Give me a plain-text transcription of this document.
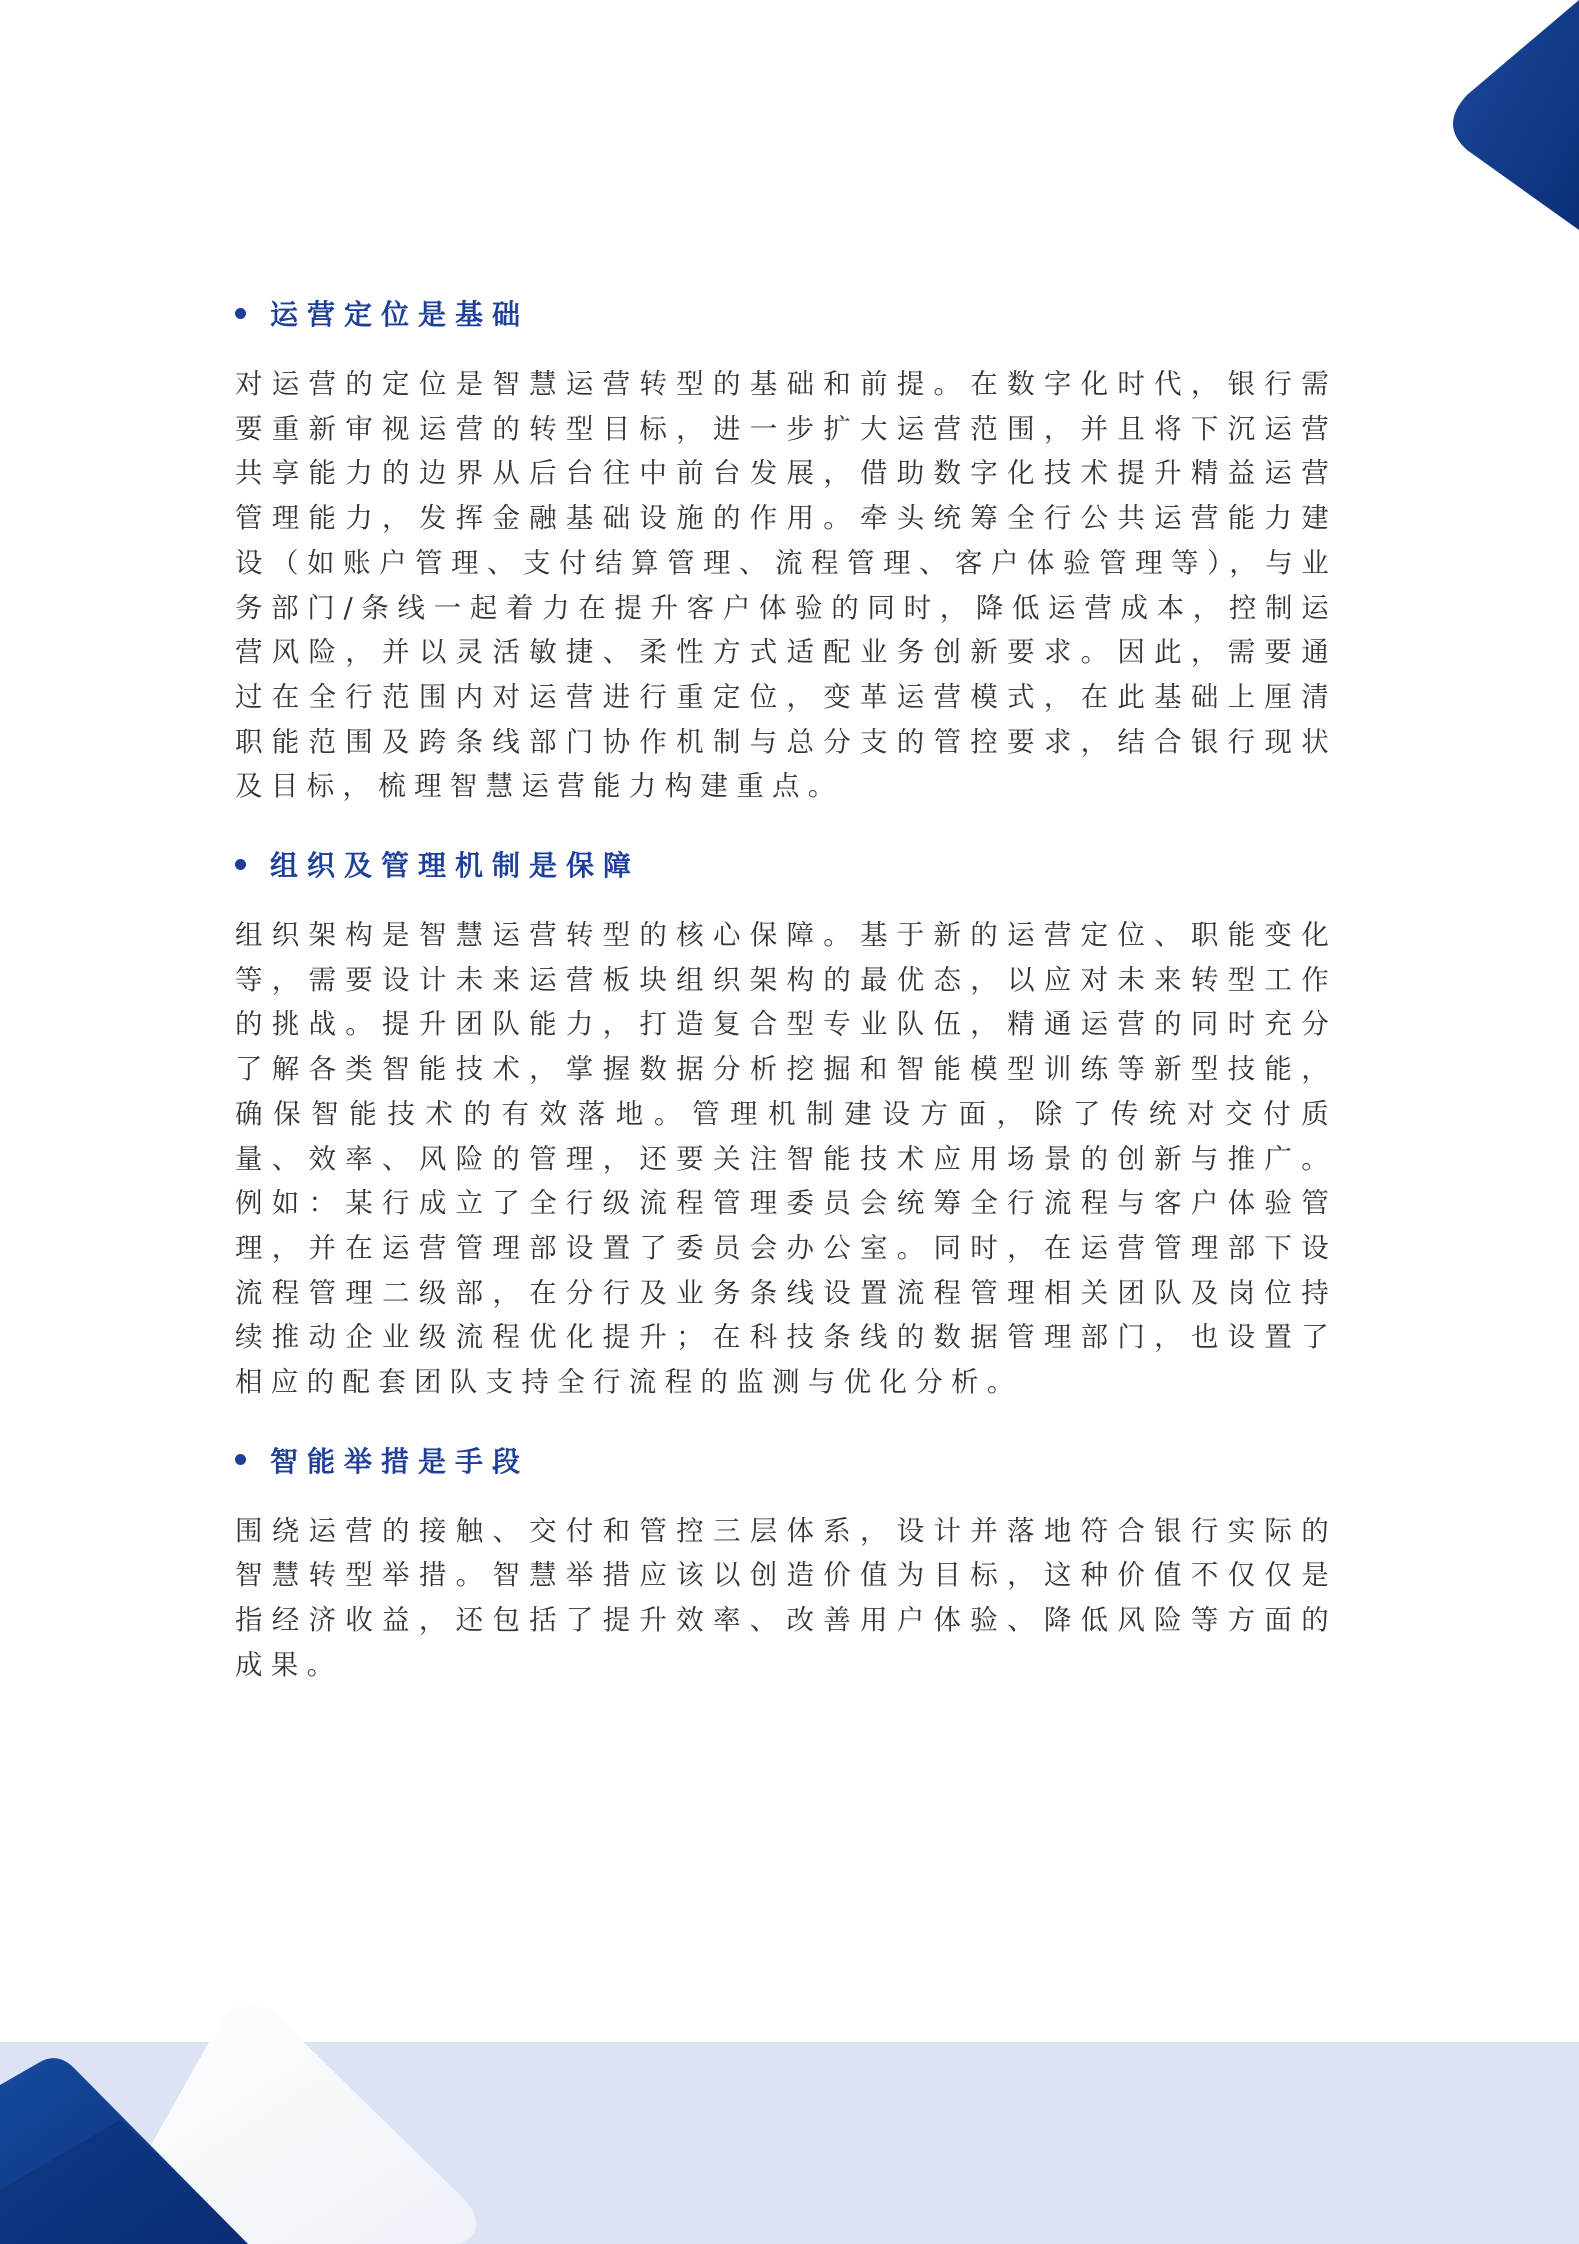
运营定位是基础

对运营的定位是智慧运营转型的基础和前提。在数字化时代，银行需要重新审视运营的转型目标，进一步扩大运营范围，并且将下沉运营共享能力的边界从后台往中前台发展，借助数字化技术提升精益运营管理能力，发挥金融基础设施的作用。牵头统筹全行公共运营能力建设（如账户管理、支付结算管理、流程管理、客户体验管理等），与业务部门/条线一起着力在提升客户体验的同时，降低运营成本，控制运营风险，并以灵活敏捷、柔性方式适配业务创新要求。因此，需要通过在全行范围内对运营进行重定位，变革运营模式，在此基础上厘清职能范围及跨条线部门协作机制与总分支的管控要求，结合银行现状及目标，梳理智慧运营能力构建重点。

组织及管理机制是保障

组织架构是智慧运营转型的核心保障。基于新的运营定位、职能变化等，需要设计未来运营板块组织架构的最优态，以应对未来转型工作的挑战。提升团队能力，打造复合型专业队伍，精通运营的同时充分了解各类智能技术，掌握数据分析挖掘和智能模型训练等新型技能，确保智能技术的有效落地。管理机制建设方面，除了传统对交付质量、效率、风险的管理，还要关注智能技术应用场景的创新与推广。例如：某行成立了全行级流程管理委员会统筹全行流程与客户体验管理，并在运营管理部设置了委员会办公室。同时，在运营管理部下设流程管理二级部，在分行及业务条线设置流程管理相关团队及岗位持续推动企业级流程优化提升；在科技条线的数据管理部门，也设置了相应的配套团队支持全行流程的监测与优化分析。

智能举措是手段

围绕运营的接触、交付和管控三层体系，设计并落地符合银行实际的智慧转型举措。智慧举措应该以创造价值为目标，这种价值不仅仅是指经济收益，还包括了提升效率、改善用户体验、降低风险等方面的成果。
